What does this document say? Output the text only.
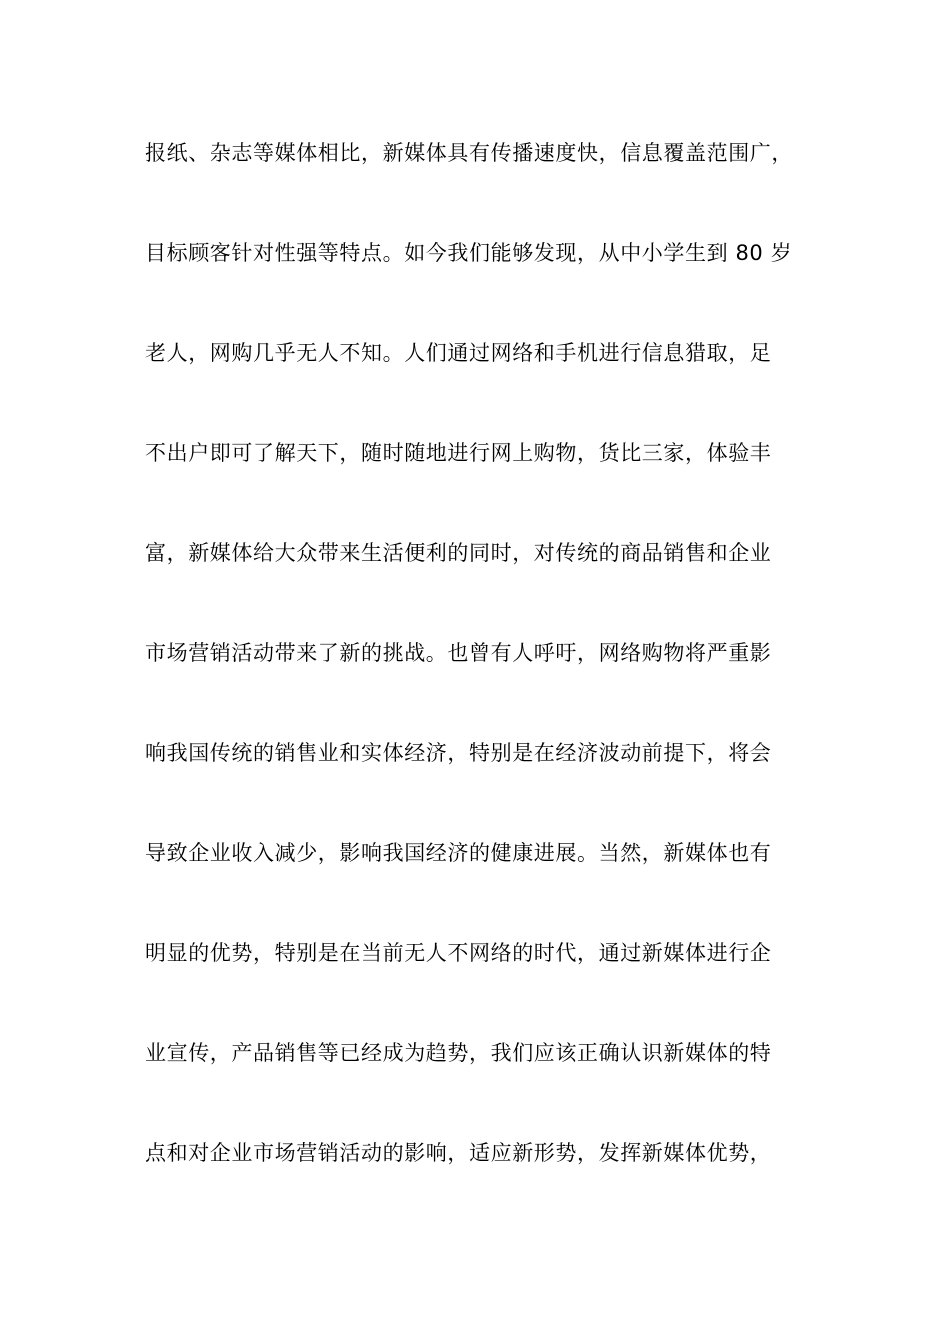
报纸、杂志等媒体相比，新媒体具有传播速度快，信息覆盖范围广，
目标顾客针对性强等特点。如今我们能够发现，从中小学生到 80 岁
老人，网购几乎无人不知。人们通过网络和手机进行信息猎取，足
不出户即可了解天下，随时随地进行网上购物，货比三家，体验丰
富，新媒体给大众带来生活便利的同时，对传统的商品销售和企业
市场营销活动带来了新的挑战。也曾有人呼吁，网络购物将严重影
响我国传统的销售业和实体经济，特别是在经济波动前提下，将会
导致企业收入减少，影响我国经济的健康进展。当然，新媒体也有
明显的优势，特别是在当前无人不网络的时代，通过新媒体进行企
业宣传，产品销售等已经成为趋势，我们应该正确认识新媒体的特
点和对企业市场营销活动的影响，适应新形势，发挥新媒体优势，
